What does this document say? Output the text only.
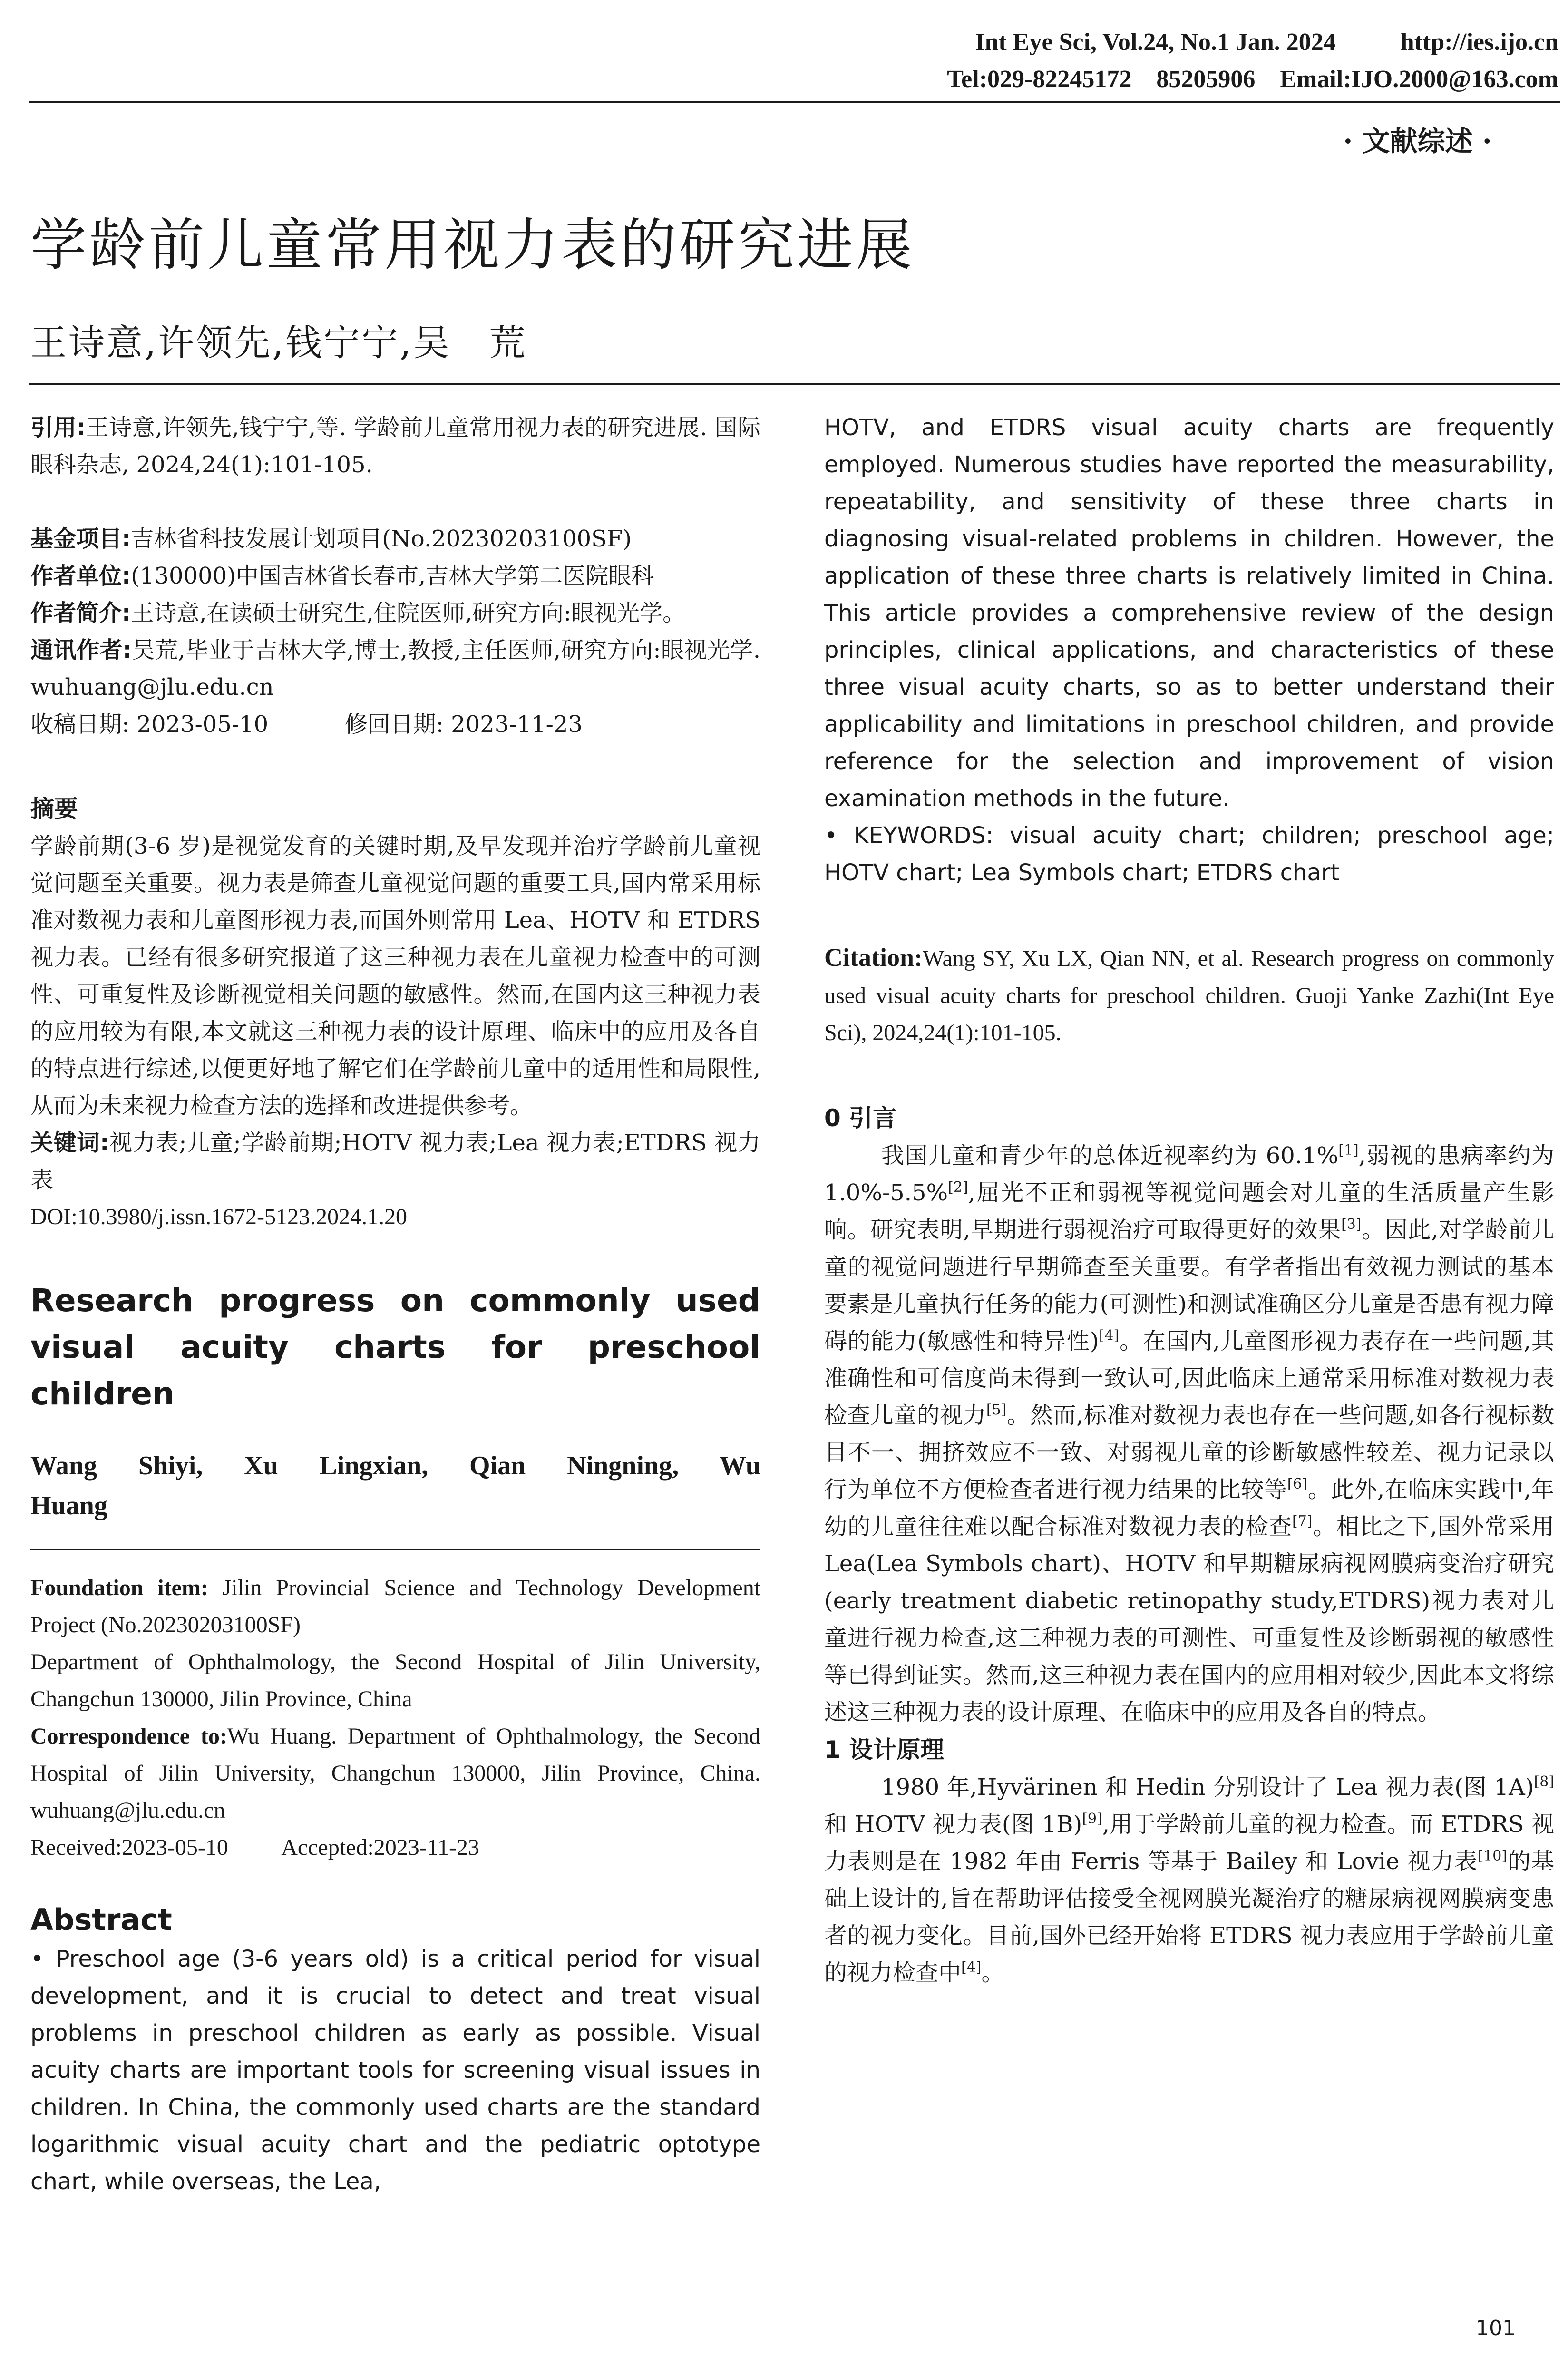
Int Eye Sci, Vol.24, No.1 Jan. 2024	http://ies.ijo.cn
Tel:029-82245172    85205906    Email:IJO.2000@163.com
· 文献综述 ·
学龄前儿童常用视力表的研究进展
王诗意,许领先,钱宁宁,吴　荒

引用:王诗意,许领先,钱宁宁,等. 学龄前儿童常用视力表的研究进展. 国际眼科杂志, 2024,24(1):101-105.

基金项目:吉林省科技发展计划项目(No.20230203100SF)

作者单位:(130000)中国吉林省长春市,吉林大学第二医院眼科

作者简介:王诗意,在读硕士研究生,住院医师,研究方向:眼视光学。

通讯作者:吴荒,毕业于吉林大学,博士,教授,主任医师,研究方向:眼视光学. wuhuang@jlu.edu.cn

收稿日期: 2023-05-10	修回日期: 2023-11-23

摘要

学龄前期(3-6 岁)是视觉发育的关键时期,及早发现并治疗学龄前儿童视觉问题至关重要。视力表是筛查儿童视觉问题的重要工具,国内常采用标准对数视力表和儿童图形视力表,而国外则常用 Lea、HOTV 和 ETDRS 视力表。已经有很多研究报道了这三种视力表在儿童视力检查中的可测性、可重复性及诊断视觉相关问题的敏感性。然而,在国内这三种视力表的应用较为有限,本文就这三种视力表的设计原理、临床中的应用及各自的特点进行综述,以便更好地了解它们在学龄前儿童中的适用性和局限性,从而为未来视力检查方法的选择和改进提供参考。

关键词:视力表;儿童;学龄前期;HOTV 视力表;Lea 视力表;ETDRS 视力表

DOI:10.3980/j.issn.1672-5123.2024.1.20

Research progress on commonly used visual acuity charts for preschool children

Wang Shiyi, Xu Lingxian, Qian Ningning, Wu Huang

Foundation item: Jilin Provincial Science and Technology Development Project (No.20230203100SF)

Department of Ophthalmology, the Second Hospital of Jilin University, Changchun 130000, Jilin Province, China

Correspondence to:Wu Huang. Department of Ophthalmology, the Second Hospital of Jilin University, Changchun 130000, Jilin Province, China. wuhuang@jlu.edu.cn

Received:2023-05-10 Accepted:2023-11-23

Abstract

• Preschool age (3-6 years old) is a critical period for visual development, and it is crucial to detect and treat visual problems in preschool children as early as possible. Visual acuity charts are important tools for screening visual issues in children. In China, the commonly used charts are the standard logarithmic visual acuity chart and the pediatric optotype chart, while overseas, the Lea,

HOTV, and ETDRS visual acuity charts are frequently employed. Numerous studies have reported the measurability, repeatability, and sensitivity of these three charts in diagnosing visual-related problems in children. However, the application of these three charts is relatively limited in China. This article provides a comprehensive review of the design principles, clinical applications, and characteristics of these three visual acuity charts, so as to better understand their applicability and limitations in preschool children, and provide reference for the selection and improvement of vision examination methods in the future.

• KEYWORDS: visual acuity chart; children; preschool age; HOTV chart; Lea Symbols chart; ETDRS chart

Citation:Wang SY, Xu LX, Qian NN, et al. Research progress on commonly used visual acuity charts for preschool children. Guoji Yanke Zazhi(Int Eye Sci), 2024,24(1):101-105.

0 引言

我国儿童和青少年的总体近视率约为 60.1%[1],弱视的患病率约为 1.0%-5.5%[2],屈光不正和弱视等视觉问题会对儿童的生活质量产生影响。研究表明,早期进行弱视治疗可取得更好的效果[3]。因此,对学龄前儿童的视觉问题进行早期筛查至关重要。有学者指出有效视力测试的基本要素是儿童执行任务的能力(可测性)和测试准确区分儿童是否患有视力障碍的能力(敏感性和特异性)[4]。在国内,儿童图形视力表存在一些问题,其准确性和可信度尚未得到一致认可,因此临床上通常采用标准对数视力表检查儿童的视力[5]。然而,标准对数视力表也存在一些问题,如各行视标数目不一、拥挤效应不一致、对弱视儿童的诊断敏感性较差、视力记录以行为单位不方便检查者进行视力结果的比较等[6]。此外,在临床实践中,年幼的儿童往往难以配合标准对数视力表的检查[7]。相比之下,国外常采用 Lea(Lea Symbols chart)、HOTV 和早期糖尿病视网膜病变治疗研究(early treatment diabetic retinopathy study,ETDRS)视力表对儿童进行视力检查,这三种视力表的可测性、可重复性及诊断弱视的敏感性等已得到证实。然而,这三种视力表在国内的应用相对较少,因此本文将综述这三种视力表的设计原理、在临床中的应用及各自的特点。

1 设计原理

1980 年,Hyvärinen 和 Hedin 分别设计了 Lea 视力表(图 1A)[8]和 HOTV 视力表(图 1B)[9],用于学龄前儿童的视力检查。而 ETDRS 视力表则是在 1982 年由 Ferris 等基于 Bailey 和 Lovie 视力表[10]的基础上设计的,旨在帮助评估接受全视网膜光凝治疗的糖尿病视网膜病变患者的视力变化。目前,国外已经开始将 ETDRS 视力表应用于学龄前儿童的视力检查中[4]。

101
